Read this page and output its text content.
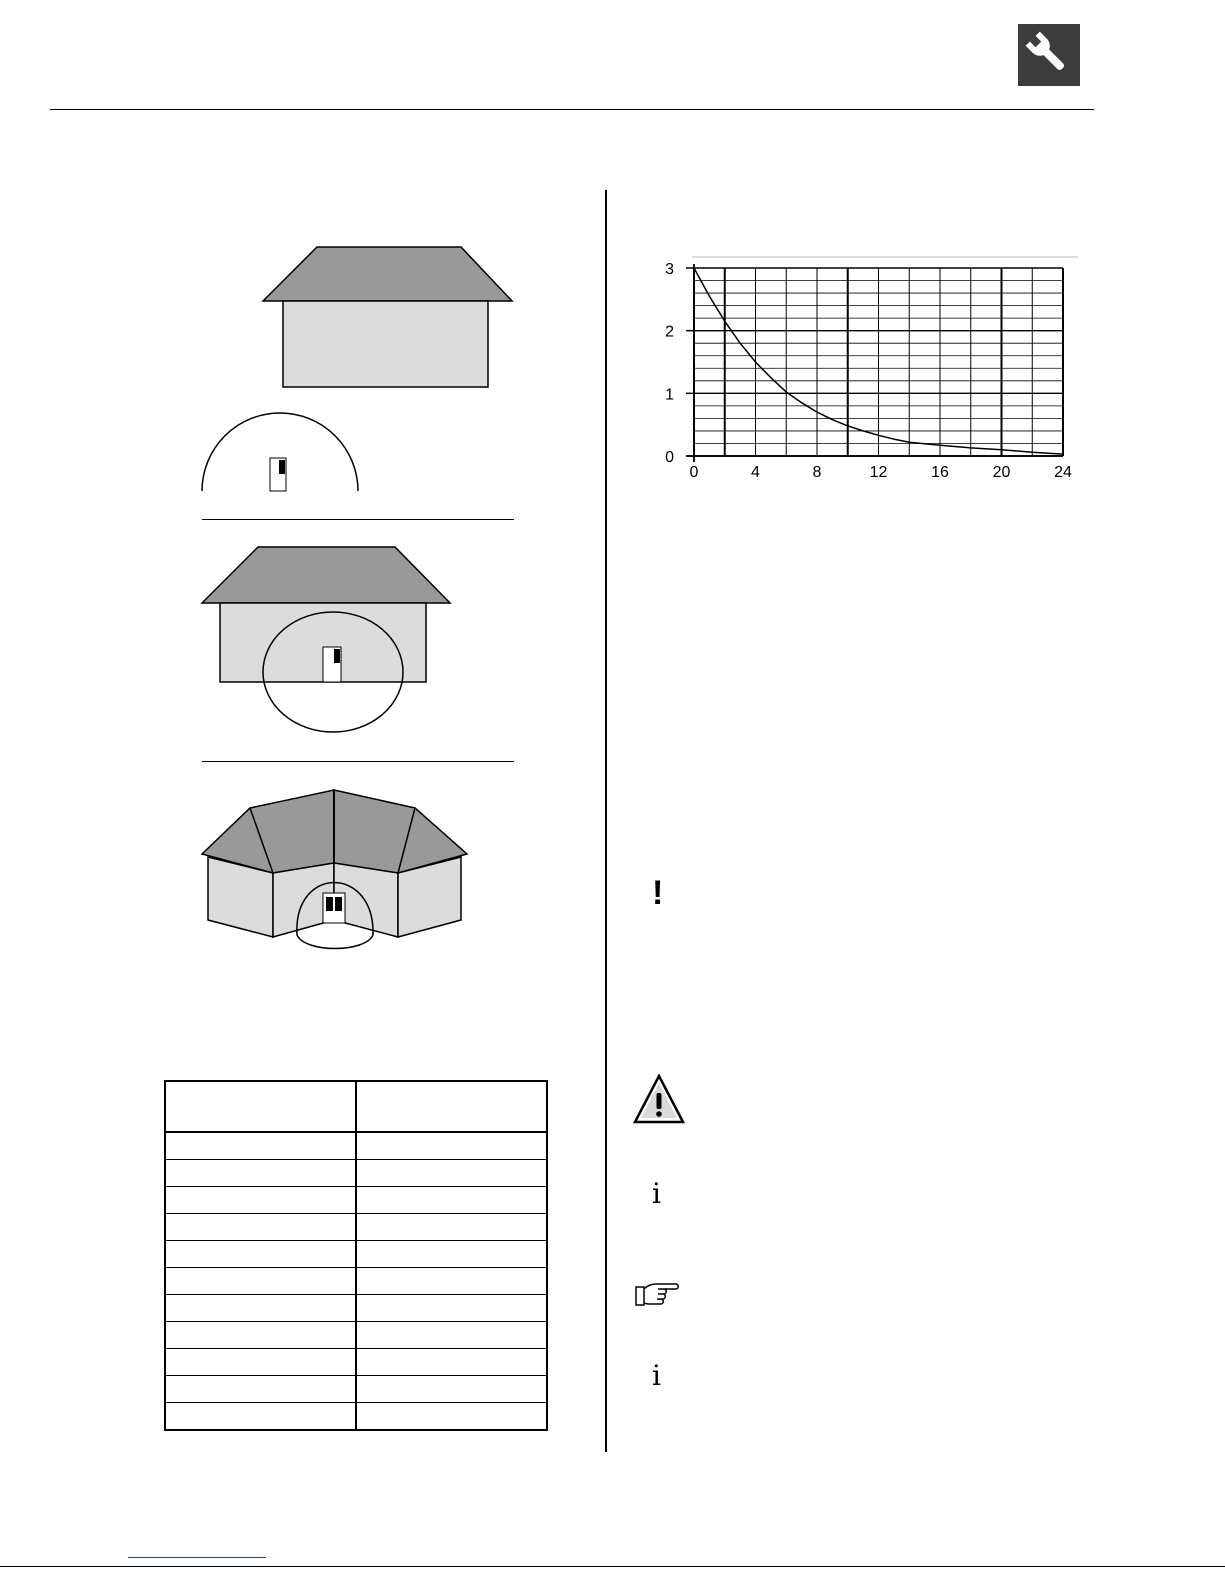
0	4	8	12	16	20	24
0
1
2
3
!
i
i
